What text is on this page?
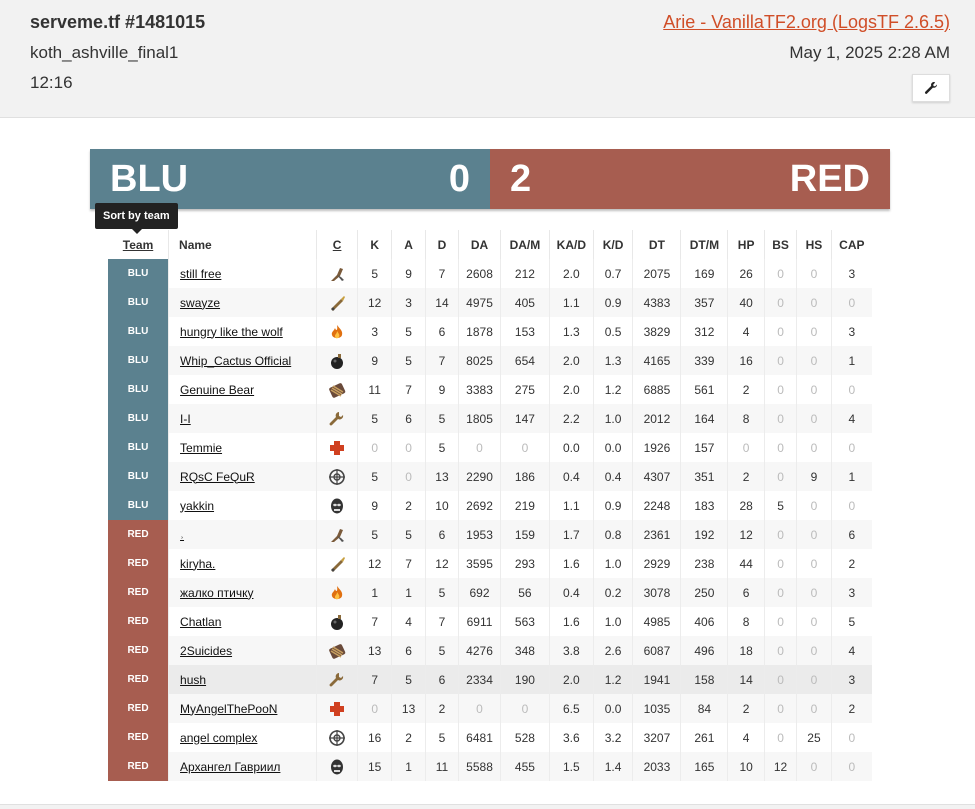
serveme.tf #1481015
koth_ashville_final1
12:16
Arie - VanillaTF2.org (LogsTF 2.6.5)
May 1, 2025 2:28 AM
BLU	0 2	RED
Sort by team
Team	Name	C	K	A	D	DA	DA/M	KA/D	K/D	DT	DT/M	HP	BS	HS	CAP
BLU	still free		5	9	7	2608	212	2.0	0.7	2075	169	26	0	0	3
BLU	swayze		12	3	14	4975	405	1.1	0.9	4383	357	40	0	0	0
BLU	hungry like the wolf		3	5	6	1878	153	1.3	0.5	3829	312	4	0	0	3
BLU	Whip_Cactus Official		9	5	7	8025	654	2.0	1.3	4165	339	16	0	0	1
BLU	Genuine Bear		11	7	9	3383	275	2.0	1.2	6885	561	2	0	0	0
BLU	I-I		5	6	5	1805	147	2.2	1.0	2012	164	8	0	0	4
BLU	Temmie		0	0	5	0	0	0.0	0.0	1926	157	0	0	0	0
BLU	RQsC FeQuR		5	0	13	2290	186	0.4	0.4	4307	351	2	0	9	1
BLU	yakkin		9	2	10	2692	219	1.1	0.9	2248	183	28	5	0	0
RED	˒		5	5	6	1953	159	1.7	0.8	2361	192	12	0	0	6
RED	kiryha.		12	7	12	3595	293	1.6	1.0	2929	238	44	0	0	2
RED	жалко птичку		1	1	5	692	56	0.4	0.2	3078	250	6	0	0	3
RED	Chatlan		7	4	7	6911	563	1.6	1.0	4985	406	8	0	0	5
RED	2Suicides		13	6	5	4276	348	3.8	2.6	6087	496	18	0	0	4
RED	hush		7	5	6	2334	190	2.0	1.2	1941	158	14	0	0	3
RED	MyAngelThePooN		0	13	2	0	0	6.5	0.0	1035	84	2	0	0	2
RED	angel complex		16	2	5	6481	528	3.6	3.2	3207	261	4	0	25	0
RED	Архангел Гавриил		15	1	11	5588	455	1.5	1.4	2033	165	10	12	0	0
